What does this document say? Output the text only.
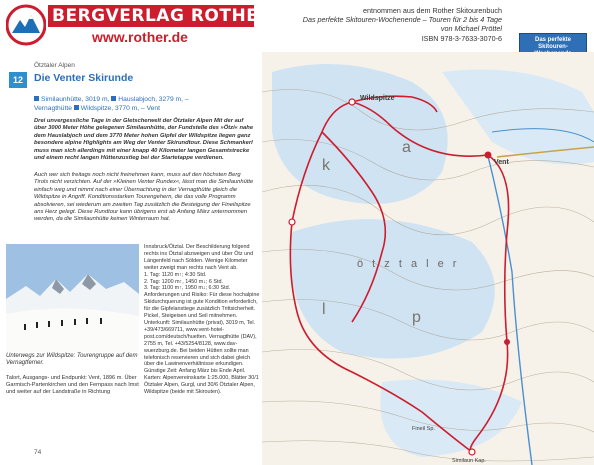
BERGVERLAG ROTHER
www.rother.de
entnommen aus dem Rother Skitourenbuch
Das perfekte Skitouren-Wochenende – Touren für 2 bis 4 Tage
von Michael Pröttel
ISBN 978-3-7633-3070-6	Das perfekte Skitouren-
Ötztaler Alpen
12	Die Venter Skirunde
Similaunhütte, 3019 m, Hauslabjoch, 3279 m, –
Vernagthütte Wildspitze, 3770 m, – Vent
Drei unvergessliche Tage in der Gletscherwelt der Ötztaler Alpen Mit der auf über 3000 Meter Höhe gelegenen Similaunhütte, der Fundstelle des »Ötzi« nahe dem Hauslabjoch und dem 3770 Meter hohen Gipfel der Wildspitze liegen ganz besondere alpine Highlights am Weg der Venter Skirundtour. Diese Schmankerl muss man sich allerdings mit einer knapp 40 Kilometer langen Gesamtstrecke und einem recht langen Hüttenzustieg bei der Startetappe verdienen.
Auch wer sich freitags noch nicht freinehmen kann, muss auf den höchsten Berg Tirols nicht verzichten. Auf der »Kleinen Venter Rundex«, lässt man die Similaunhütte einfach weg und nimmt nach einer Übernachtung in der Vernagthütte gleich die Wildspitze in Angriff. Konditionsstarken Tourengehern, die das volle Programm absolvieren, sei wiederum am zweiten Tag zusätzlich die Besteigung der Fineilspitze ans Herz gelegt. Diese Rundtour kann übrigens erst ab Anfang März unternommen werden, da die Similaunhütte keinen Winterraum hat.
Unterwegs zur Wildspitze: Tourengruppe auf dem Vernagtferner.
Talort, Ausgangs- und Endpunkt: Vent, 1896 m. Über Garmisch-Partenkirchen und den Fernpass nach Imst und weiter auf der Landstraße in Richtung
74
Innsbruck/Ötztal. Der Beschilderung folgend rechts ins Ötztal abzweigen und über Ötz und Längenfeld nach Sölden. Wenige Kilometer weiter zweigt man rechts nach Vent ab.
1. Tag: 1120 m↑; 4:30 Std.
2. Tag: 1200 m↑, 1450 m↓; 6 Std.
3. Tag: 1100 m↑, 1950 m↓; 6:30 Std.
Anforderungen und Risiko: Für diese hochalpine Skidurchquerung ist gute Kondition erforderlich, für die Gipfelanstiege zusätzlich Trittsicherheit. Pickel, Steigeisen und Seil mitnehmen.
Unterkunft: Similaunhütte (privat), 3019 m, Tel. +39/473/669711, www.vent-hotel-post.com/deutsch/huetten. Vernagthütte (DAV), 2755 m, Tel. +43/5254/8128, www.dav-wuerzburg.de. Bei beiden Hütten sollte man telefonisch reservieren und sich dabei gleich über die Lawinenverhältnisse erkundigen.
Günstige Zeit: Anfang März bis Ende April.
Karten: Alpenvereinskarte 1:25.000, Blätter 30/1 Ötztaler Alpen, Gurgl, und 30/6 Ötztaler Alpen, Wildspitze (beide mit Skirouten).
Wildspitze
Vent
Similaun Kap.
Fineil Sp.
ö t z t a l e r
k
a
l	p
